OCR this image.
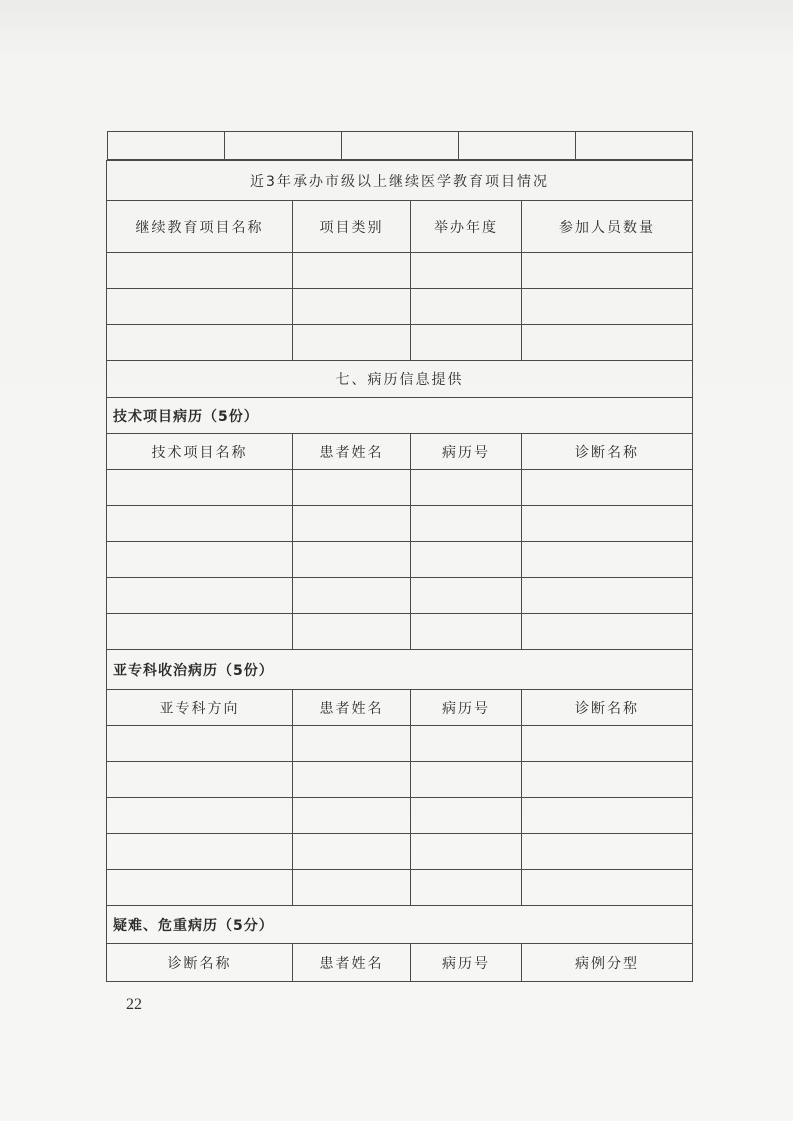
近3年承办市级以上继续医学教育项目情况
继续教育项目名称	项目类别	举办年度	参加人员数量

七、病历信息提供
技术项目病历（5份）
技术项目名称	患者姓名	病历号	诊断名称

亚专科收治病历（5份）
亚专科方向	患者姓名	病历号	诊断名称

疑难、危重病历（5分）
诊断名称	患者姓名	病历号	病例分型
22
